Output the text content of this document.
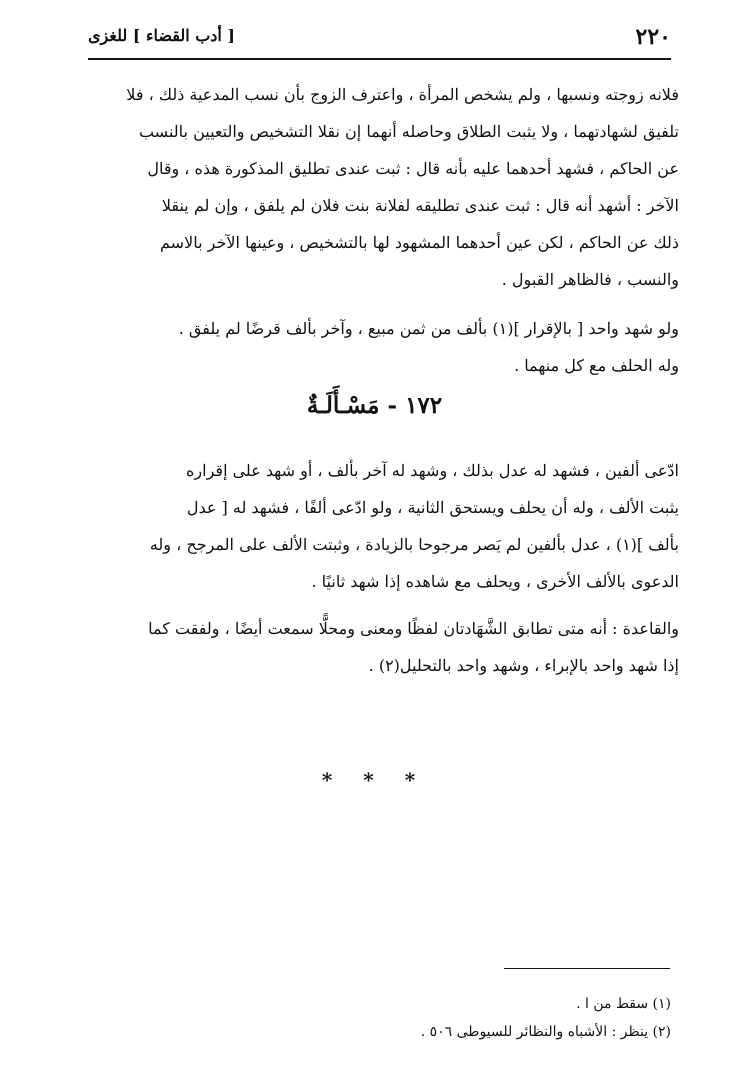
٢٢٠
[ أدب القضاء ] للغزى
فلانه زوجته ونسبها ، ولم يشخص المرأة ، واعترف الزوج بأن نسب المدعية ذلك ، فلا
تلفيق لشهادتهما ، ولا يثبت الطلاق وحاصله أنهما إن نقلا التشخيص والتعيين بالنسب
عن الحاكم ، فشهد أحدهما عليه بأنه قال : ثبت عندى تطليق المذكورة هذه ، وقال
الآخر : أشهد أنه قال : ثبت عندى تطليقه لفلانة بنت فلان لم يلفق ، وإن لم ينقلا
ذلك عن الحاكم ، لكن عين أحدهما المشهود لها بالتشخيص ، وعينها الآخر بالاسم
والنسب ، فالظاهر القبول .
ولو شهد واحد [ بالإقرار ](١) بألف من ثمن مبيع ، وآخر بألف قرضًا لم يلفق .
وله الحلف مع كل منهما .
١٧٢ - مَسْـأَلَـةٌ
ادّعى ألفين ، فشهد له عدل بذلك ، وشهد له آخر بألف ، أو شهد على إقراره
يثبت الألف ، وله أن يحلف ويستحق الثانية ، ولو ادّعى ألفًا ، فشهد له [ عدل
بألف ](١) ، عدل بألفين لم يَصر مرجوحا بالزيادة ، وثبتت الألف على المرجح ، وله
الدعوى بالألف الأخرى ، ويحلف مع شاهده إذا شهد ثانيًا .
والقاعدة : أنه متى تطابق الشَّهَادتان لفظًا ومعنى ومحلًّا سمعت أيضًا ، ولفقت كما
إذا شهد واحد بالإبراء ، وشهد واحد بالتحليل(٢) .
* * *
(١) سقط من ا .
(٢) ينظر : الأشباه والنظائر للسيوطى ٥٠٦ .
